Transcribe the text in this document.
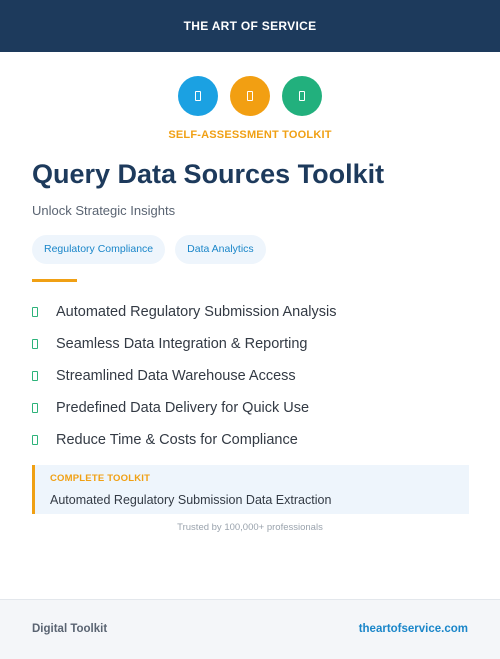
THE ART OF SERVICE
SELF-ASSESSMENT TOOLKIT
Query Data Sources Toolkit
Unlock Strategic Insights
Regulatory Compliance	Data Analytics
Automated Regulatory Submission Analysis
Seamless Data Integration & Reporting
Streamlined Data Warehouse Access
Predefined Data Delivery for Quick Use
Reduce Time & Costs for Compliance
COMPLETE TOOLKIT
Automated Regulatory Submission Data Extraction
Trusted by 100,000+ professionals
Digital Toolkit	theartofservice.com
